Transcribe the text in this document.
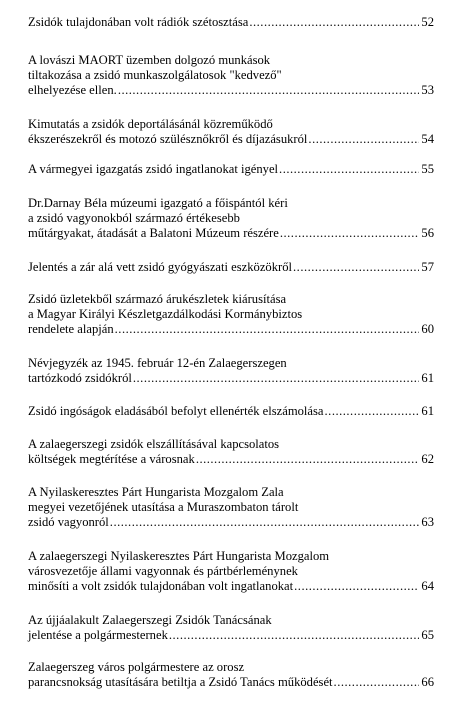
Zsidók tulajdonában volt rádiók szétosztása .....	52
A lovászi MAORT üzemben dolgozó munkások
tiltakozása a zsidó munkaszolgálatosok "kedvező"
elhelyezése ellen. .....	53
Kimutatás a zsidók deportálásánál közreműködő
ékszerészekről és motozó szülésznőkről és díjazásukról .....	54
A vármegyei igazgatás zsidó ingatlanokat igényel .....	55
Dr.Darnay Béla múzeumi igazgató a főispántól kéri
a zsidó vagyonokból származó értékesebb
műtárgyakat, átadását a Balatoni Múzeum részére .....	56
Jelentés a zár alá vett zsidó gyógyászati eszközökről .....	57
Zsidó üzletekből származó árukészletek kiárusítása
a Magyar Királyi Készletgazdálkodási Kormánybiztos
rendelete alapján .....	60
Névjegyzék az 1945. február 12-én Zalaegerszegen
tartózkodó zsidókról .....	61
Zsidó ingóságok eladásából befolyt ellenérték elszámolása .....	61
A zalaegerszegi zsidók elszállításával kapcsolatos
költségek megtérítése a városnak .....	62
A Nyilaskeresztes Párt Hungarista Mozgalom Zala
megyei vezetőjének utasítása a Muraszombaton tárolt
zsidó vagyonról .....	63
A zalaegerszegi Nyilaskeresztes Párt Hungarista Mozgalom
városvezetője állami vagyonnak és pártbérleménynek
minősíti a volt zsidók tulajdonában volt ingatlanokat .....	64
Az újjáalakult Zalaegerszegi Zsidók Tanácsának
jelentése a polgármesternek .....	65
Zalaegerszeg város polgármestere az orosz
parancsnokság utasítására betiltja a Zsidó Tanács működését .....	66
